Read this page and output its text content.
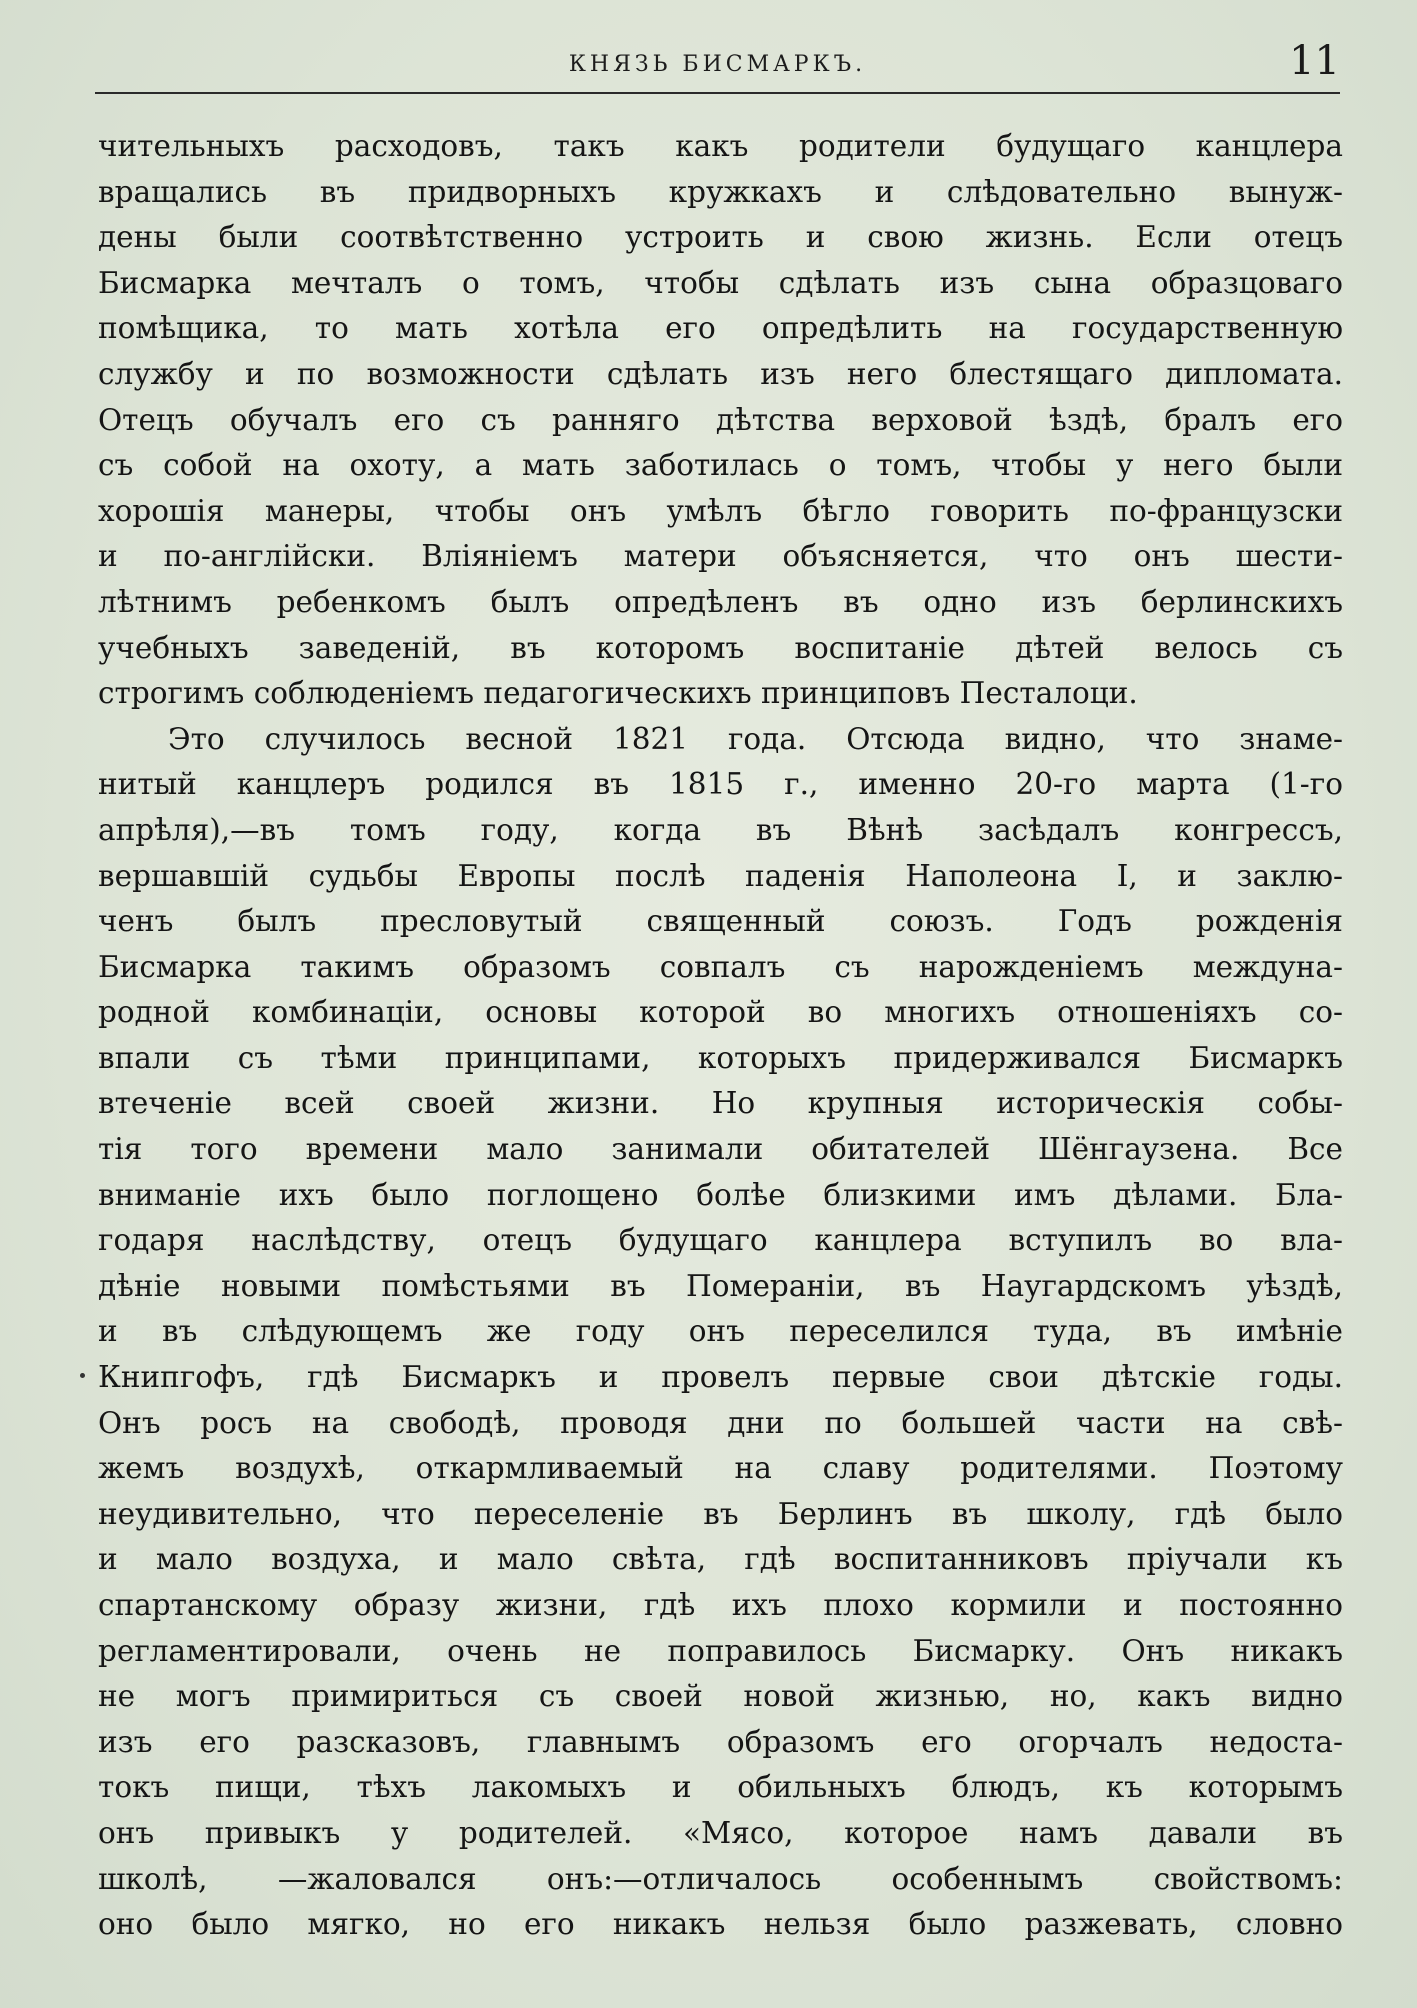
КНЯЗЬ БИСМАРКЪ.	11
чительныхъ расходовъ, такъ какъ родители будущаго канцлера
вращались въ придворныхъ кружкахъ и слѣдовательно вынуж-
дены были соотвѣтственно устроить и свою жизнь. Если отецъ
Бисмарка мечталъ о томъ, чтобы сдѣлать изъ сына образцоваго
помѣщика, то мать хотѣла его опредѣлить на государственную
службу и по возможности сдѣлать изъ него блестящаго дипломата.
Отецъ обучалъ его съ ранняго дѣтства верховой ѣздѣ, бралъ его
съ собой на охоту, а мать заботилась о томъ, чтобы у него были
хорошія манеры, чтобы онъ умѣлъ бѣгло говорить по-французски
и по-англійски. Вліяніемъ матери объясняется, что онъ шести-
лѣтнимъ ребенкомъ былъ опредѣленъ въ одно изъ берлинскихъ
учебныхъ заведеній, въ которомъ воспитаніе дѣтей велось съ
строгимъ соблюденіемъ педагогическихъ принциповъ Песталоци.
Это случилось весной 1821 года. Отсюда видно, что знаме-
нитый канцлеръ родился въ 1815 г., именно 20-го марта (1-го
апрѣля),—въ томъ году, когда въ Вѣнѣ засѣдалъ конгрессъ,
вершавшій судьбы Европы послѣ паденія Наполеона I, и заклю-
ченъ былъ пресловутый священный союзъ. Годъ рожденія
Бисмарка такимъ образомъ совпалъ съ нарожденіемъ междуна-
родной комбинаціи, основы которой во многихъ отношеніяхъ со-
впали съ тѣми принципами, которыхъ придерживался Бисмаркъ
втеченіе всей своей жизни. Но крупныя историческія собы-
тія того времени мало занимали обитателей Шёнгаузена. Все
вниманіе ихъ было поглощено болѣе близкими имъ дѣлами. Бла-
годаря наслѣдству, отецъ будущаго канцлера вступилъ во вла-
дѣніе новыми помѣстьями въ Помераніи, въ Наугардскомъ уѣздѣ,
и въ слѣдующемъ же году онъ переселился туда, въ имѣніе
Книпгофъ, гдѣ Бисмаркъ и провелъ первые свои дѣтскіе годы.
Онъ росъ на свободѣ, проводя дни по большей части на свѣ-
жемъ воздухѣ, откармливаемый на славу родителями. Поэтому
неудивительно, что переселеніе въ Берлинъ въ школу, гдѣ было
и мало воздуха, и мало свѣта, гдѣ воспитанниковъ пріучали къ
спартанскому образу жизни, гдѣ ихъ плохо кормили и постоянно
регламентировали, очень не поправилось Бисмарку. Онъ никакъ
не могъ примириться съ своей новой жизнью, но, какъ видно
изъ его разсказовъ, главнымъ образомъ его огорчалъ недоста-
токъ пищи, тѣхъ лакомыхъ и обильныхъ блюдъ, къ которымъ
онъ привыкъ у родителей. «Мясо, которое намъ давали въ
школѣ, —жаловался онъ:—отличалось особеннымъ свойствомъ:
оно было мягко, но его никакъ нельзя было разжевать, словно
